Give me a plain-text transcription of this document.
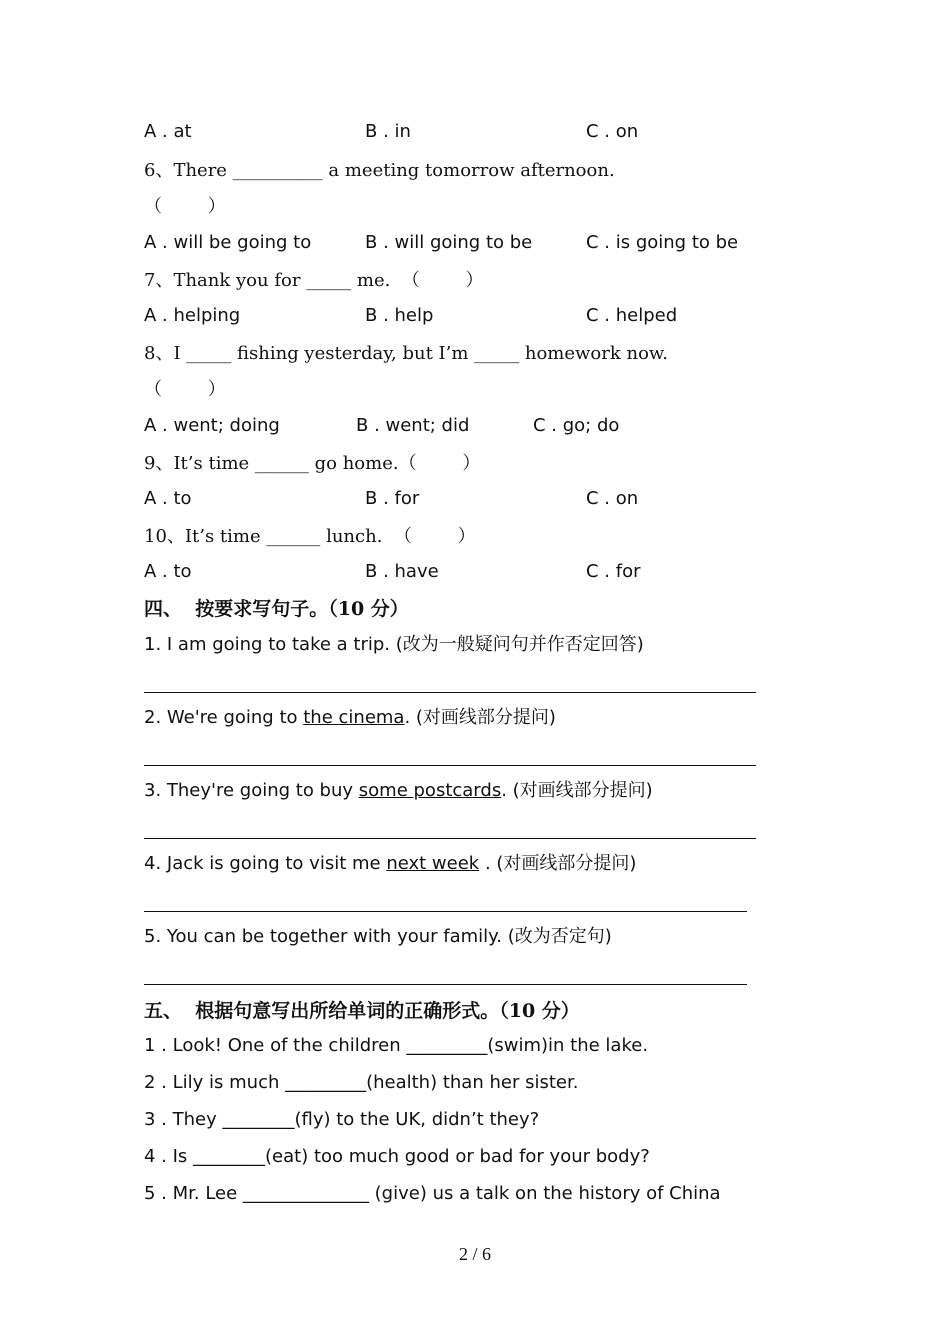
A . at	B . in	C . on
6、There __________ a meeting tomorrow afternoon.
（        ）
A . will be going to	B . will going to be	C . is going to be
7、Thank you for _____ me.  （        ）
A . helping	B . help	C . helped
8、I _____ fishing yesterday, but I’m _____ homework now.
（        ）
A . went; doing	B . went; did	C . go; do
9、It’s time ______ go home.（        ）
A . to	B . for	C . on
10、It’s time ______ lunch.  （        ）
A . to	B . have	C . for
四、  按要求写句子。（10 分）
1. I am going to take a trip. (改为一般疑问句并作否定回答)
2. We're going to the cinema. (对画线部分提问)
3. They're going to buy some postcards. (对画线部分提问)
4. Jack is going to visit me next week . (对画线部分提问)
5. You can be together with your family. (改为否定句)
五、  根据句意写出所给单词的正确形式。（10 分）
1 . Look! One of the children _________(swim)in the lake.
2 . Lily is much _________(health) than her sister.
3 . They ________(fly) to the UK, didn’t they?
4 . Is ________(eat) too much good or bad for your body?
5 . Mr. Lee ______________ (give) us a talk on the history of China
2 / 6
